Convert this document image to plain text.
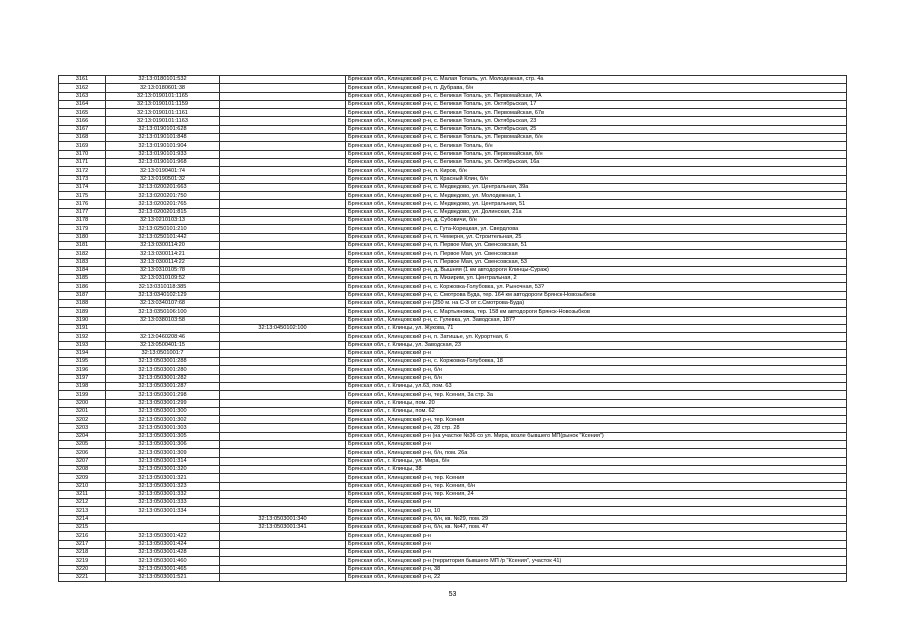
3161	32:13:0180101:532		Брянская обл., Клинцовский р-н, с. Малая Топаль, ул. Молодежная, стр. 4а
3162	32:13:0180601:38		Брянская обл., Клинцовский р-н, п. Дубрава, б/н
3163	32:13:0190101:1165		Брянская обл., Клинцовский р-н, с. Великая Топаль, ул. Первомайская, 7А
3164	32:13:0190101:1159		Брянская обл., Клинцовский р-н, с. Великая Топаль, ул. Октябрьская, 17
3165	32:13:0190101:1161		Брянская обл., Клинцовский р-н, с. Великая Топаль, ул. Первомайская, 67в
3166	32:13:0190101:1163		Брянская обл., Клинцовский р-н, с. Великая Топаль, ул. Октябрьская, 23
3167	32:13:0190101:628		Брянская обл., Клинцовский р-н, с. Великая Топаль, ул. Октябрьская, 25
3168	32:13:0190101:848		Брянская обл., Клинцовский р-н, с. Великая Топаль, ул. Первомайская, б/н
3169	32:13:0190101:904		Брянская обл., Клинцовский р-н, с. Великая Топаль, б/н
3170	32:13:0190101:933		Брянская обл., Клинцовский р-н, с. Великая Топаль, ул. Первомайская, б/н
3171	32:13:0190101:968		Брянская обл., Клинцовский р-н, с. Великая Топаль, ул. Октябрьская, 16а
3172	32:13:0190401:74		Брянская обл., Клинцовский р-н, п. Киров, б/н
3173	32:13:0190501:32		Брянская обл., Клинцовский р-н, п. Красный Клин, б/н
3174	32:13:0200201:663		Брянская обл., Клинцовский р-н, с. Медведово, ул. Центральная, 39а
3175	32:13:0200201:750		Брянская обл., Клинцовский р-н, с. Медведово, ул. Молодежная, 1
3176	32:13:0200201:765		Брянская обл., Клинцовский р-н, с. Медведово, ул. Центральная, 51
3177	32:13:0200201:815		Брянская обл., Клинцовский р-н, с. Медведово, ул. Долинская, 21а
3178	32:13:0210103:13		Брянская обл., Клинцовский р-н, д. Субовичи, б/н
3179	32:13:0250101:210		Брянская обл., Клинцовский р-н, с. Гута-Корецкая, ул. Свердлова
3180	32:13:0250101:442		Брянская обл., Клинцовский р-н, п. Чемерня, ул. Строительная, 25
3181	32:13:0300114:20		Брянская обл., Клинцовский р-н, п. Первое Мая, ул. Свенсовская, 51
3182	32:13:0300114:21		Брянская обл., Клинцовский р-н, п. Первое Мая, ул. Свенсовская
3183	32:13:0300114:22		Брянская обл., Клинцовский р-н, п. Первое Мая, ул. Свенсовская, 53
3184	32:13:0310105:78		Брянская обл., Клинцовский р-н, д. Вышняя (1 км автодороги Клинцы-Сураж)
3185	32:13:0310109:52		Брянская обл., Клинцовский р-н, п. Мизирим, ул. Центральная, 2
3186	32:13:0310118:385		Брянская обл., Клинцовский р-н, с. Коржовка-Голубовка, ул. Рыночная, 53?
3187	32:13:0340102:129		Брянская обл., Клинцовский р-н, с. Смотрова Буда, тер. 164 км автодороги Брянск-Новозыбков
3188	32:13:0340107:68		Брянская обл., Клинцовский р-н (250 м. на С-З от с.Смотрова-Буда)
3189	32:13:0350106:100		Брянская обл., Клинцовский р-н, с. Мартьяновка, тер. 158 км автодороги Брянск-Новозыбков
3190	32:13:0380103:58		Брянская обл., Клинцовский р-н, с. Гулевка, ул. Заводская, 187?
3191		32:13:0450102:100	Брянская обл., г. Клинцы, ул. Жукова, 71
3192	32:13:0460208:46		Брянская обл., Клинцовский р-н, п. Затишье, ул. Курортная, 6
3193	32:13:0500401:15		Брянская обл., г. Клинцы, ул. Заводская, 23
3194	32:13:0501001:7		Брянская обл., Клинцовский р-н
3195	32:13:0503001:288		Брянская обл., Клинцовский р-н, с. Коржовка-Голубовка, 18
3196	32:13:0503001:280		Брянская обл., Клинцовский р-н, б/н
3197	32:13:0503001:282		Брянская обл., Клинцовский р-н, б/н
3198	32:13:0503001:287		Брянская обл., г. Клинцы, ул.63, пом. 63
3199	32:13:0503001:298		Брянская обл., Клинцовский р-н, тер. Ксения, 3а стр. 3а
3200	32:13:0503001:299		Брянская обл., г. Клинцы, пом. 20
3201	32:13:0503001:300		Брянская обл., г. Клинцы, пом. 62
3202	32:13:0503001:302		Брянская обл., Клинцовский р-н, тер. Ксения
3203	32:13:0503001:303		Брянская обл., Клинцовский р-н, 28 стр. 28
3204	32:13:0503001:305		Брянская обл., Клинцовский р-н (на участке №36 со ул. Мира, возле бывшего МП(рынок "Ксения")
3205	32:13:0503001:306		Брянская обл., Клинцовский р-н
3206	32:13:0503001:309		Брянская обл., Клинцовский р-н, б/н, пом. 26а
3207	32:13:0503001:314		Брянская обл., г. Клинцы, ул. Мира, б/н
3208	32:13:0503001:320		Брянская обл., г. Клинцы, 38
3209	32:13:0503001:321		Брянская обл., Клинцовский р-н, тер. Ксения
3210	32:13:0503001:323		Брянская обл., Клинцовский р-н, тер. Ксения, б/н
3211	32:13:0503001:332		Брянская обл., Клинцовский р-н, тер. Ксения, 24
3212	32:13:0503001:333		Брянская обл., Клинцовский р-н
3213	32:13:0503001:334		Брянская обл., Клинцовский р-н, 10
3214		32:13:0503001:340	Брянская обл., Клинцовский р-н, б/н, кв. №29, пом. 29
3215		32:13:0503001:341	Брянская обл., Клинцовский р-н, б/н, кв. №47, пом. 47
3216	32:13:0503001:422		Брянская обл., Клинцовский р-н
3217	32:13:0503001:424		Брянская обл., Клинцовский р-н
3218	32:13:0503001:428		Брянская обл., Клинцовский р-н
3219	32:13:0503001:460		Брянская обл., Клинцовский р-н (территория бывшего МП /р "Ксения", участок 41)
3220	32:13:0503001:465		Брянская обл., Клинцовский р-н, 38
3221	32:13:0503001:521		Брянская обл., Клинцовский р-н, 22
53
